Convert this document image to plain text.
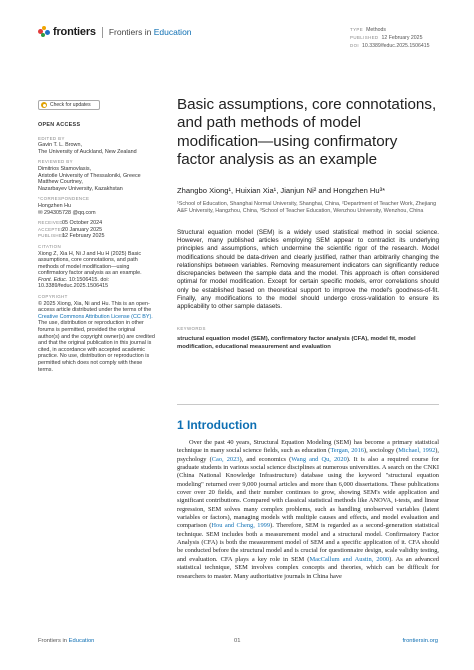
frontiers Frontiers in Education	TYPE Methods
PUBLISHED 12 February 2025
DOI 10.3389/feduc.2025.1506415
Check for updates
OPEN ACCESS
EDITED BY
Gavin T. L. Brown,
The University of Auckland, New Zealand
REVIEWED BY
Dimitrios Stamovlasis,
Aristotle University of Thessaloniki, Greece
Matthew Courtney,
Nazarbayev University, Kazakhstan
*CORRESPONDENCE
Hongzhen Hu
✉ 294305728 @qq.com
RECEIVED 05 October 2024
ACCEPTED
20 January 2025
PUBLISHED
12 February 2025
CITATION
Xiong Z, Xia H, Ni J and Hu H (2025) Basic assumptions, core connotations, and path methods of model modification—using confirmatory factor analysis as an example. Front. Educ. 10:1506415. doi: 10.3389/feduc.2025.1506415
COPYRIGHT
© 2025 Xiong, Xia, Ni and Hu. This is an open-access article distributed under the terms of the Creative Commons Attribution License (CC BY). The use, distribution or reproduction in other forums is permitted, provided the original author(s) and the copyright owner(s) are credited and that the original publication in this journal is cited, in accordance with accepted academic practice. No use, distribution or reproduction is permitted which does not comply with these terms.
Basic assumptions, core connotations, and path methods of model modification—using confirmatory factor analysis as an example
Zhangbo Xiong¹, Huixian Xia¹, Jianjun Ni² and Hongzhen Hu³*
¹School of Education, Shanghai Normal University, Shanghai, China, ²Department of Teacher Work, Zhejiang A&F University, Hangzhou, China, ³School of Teacher Education, Wenzhou University, Wenzhou, China

Structural equation model (SEM) is a widely used statistical method in social science. However, many published articles employing SEM appear to contradict its underlying principles and assumptions, which undermine the scientific rigor of the research. Model modifications should be data-driven and clearly justified, rather than arbitrarily changing the relationships between variables. Removing measurement indicators can significantly reduce discrepancies between the sample data and the model. This approach is often considered optimal for model modification. Except for certain specific models, error correlations should only be established based on theoretical support to improve the model's goodness-of-fit. Finally, any modifications to the model should undergo cross-validation to ensure its applicability to other sample datasets.

KEYWORDS
structural equation model (SEM), confirmatory factor analysis (CFA), model fit, model modification, educational measurement and evaluation
1 Introduction

Over the past 40 years, Structural Equation Modeling (SEM) has become a primary statistical technique in many social science fields, such as education (Tergan, 2016), sociology (Michael, 1992), psychology (Cao, 2023), and economics (Wang and Qu, 2020). It is also a required course for graduate students in various social science disciplines at numerous universities. A search on the CNKI (China National Knowledge Infrastructure) database using the keyword "structural equation modeling" returned over 9,000 journal articles and more than 6,000 dissertations. These publications cover over 20 fields, and their number continues to grow, showing SEM's wide application and significant contributions. Compared with classical statistical methods like ANOVA, t-tests, and linear regression, SEM solves many complex problems, such as handling unobserved variables (latent variables or factors), managing models with multiple causes and effects, and model evaluation and comparison (Hou and Cheng, 1999). Therefore, SEM is regarded as a second-generation statistical technique. SEM includes both a measurement model and a structural model. Confirmatory Factor Analysis (CFA) is both the measurement model of SEM and a specific application of it. CFA should be conducted before the structural model and is crucial for questionnaire design, scale validity testing, and evaluation. CFA plays a key role in SEM (MacCallum and Austin, 2000). As an advanced statistical technique, SEM involves complex concepts and theories, which can be difficult for researchers to master. Many authoritative journals in China have

Frontiers in Education	01	frontiersin.org
